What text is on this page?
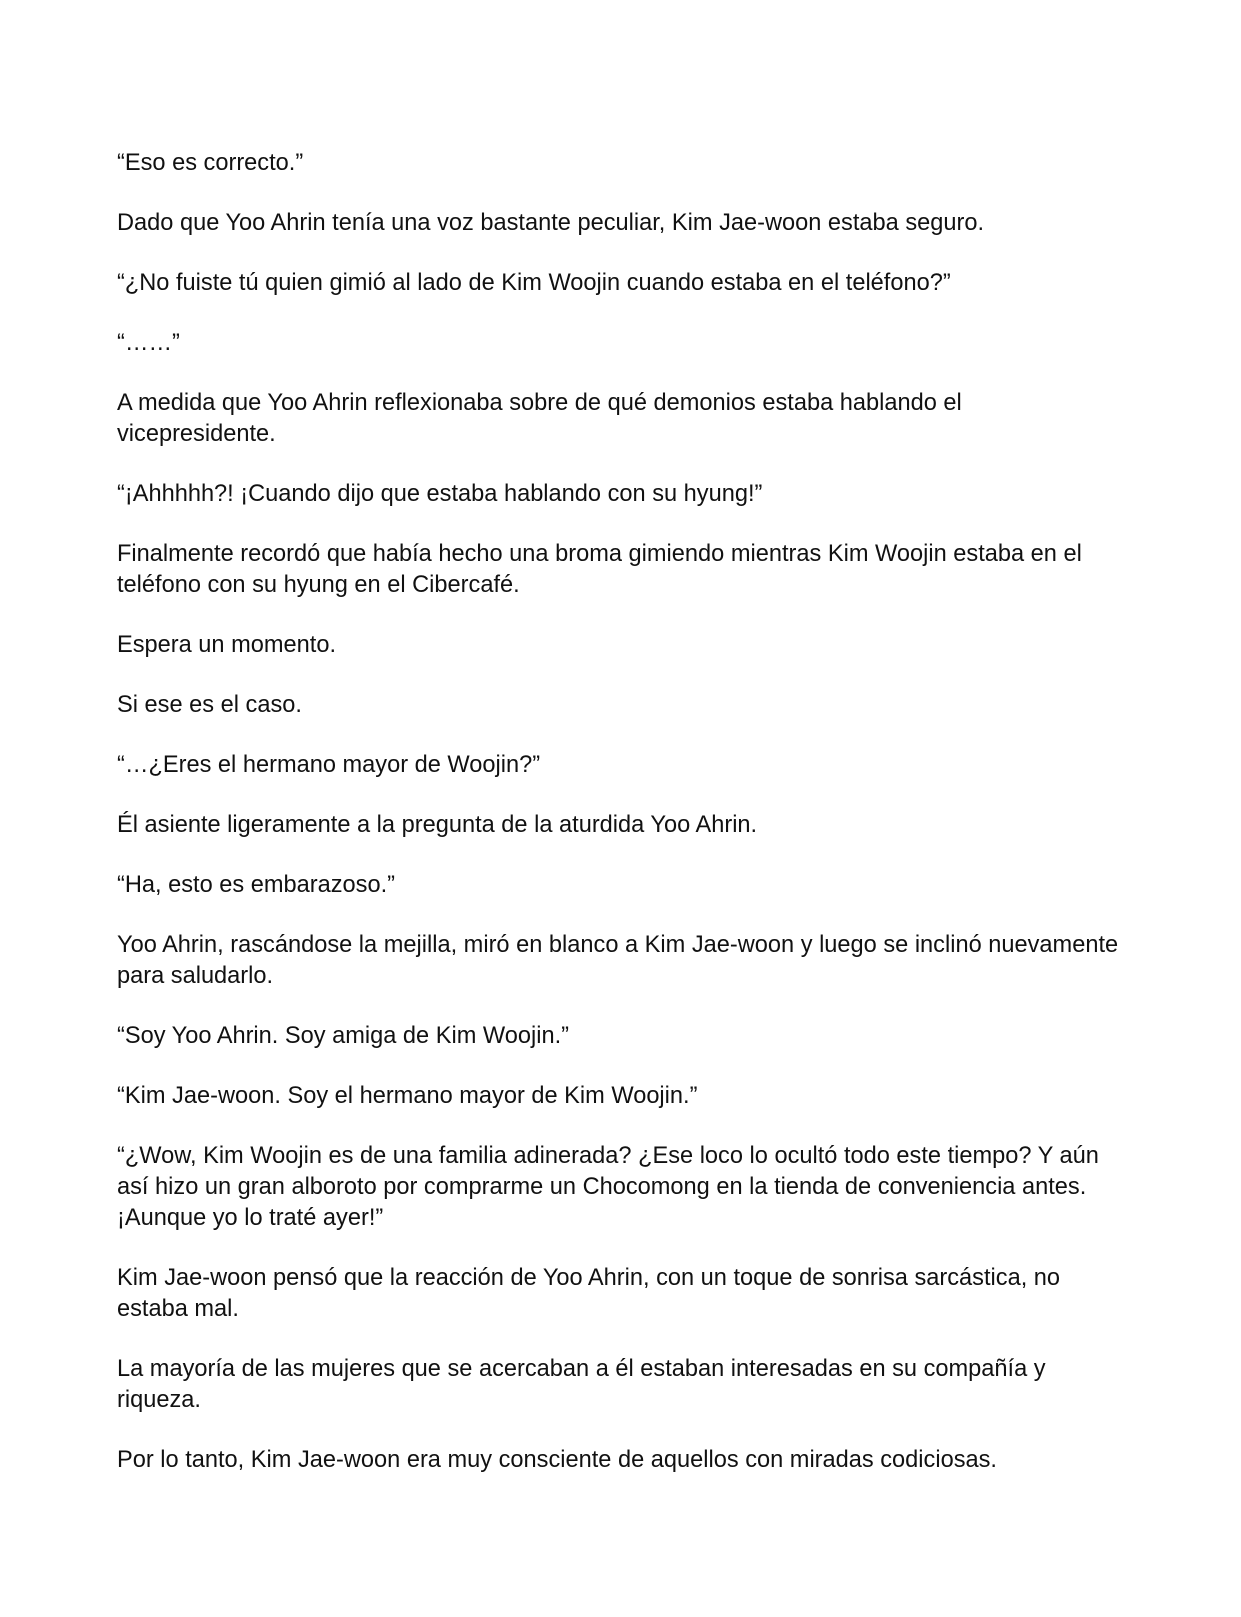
“Eso es correcto.”

Dado que Yoo Ahrin tenía una voz bastante peculiar, Kim Jae-woon estaba seguro.

“¿No fuiste tú quien gimió al lado de Kim Woojin cuando estaba en el teléfono?”

“……”

A medida que Yoo Ahrin reflexionaba sobre de qué demonios estaba hablando el vicepresidente.

“¡Ahhhhh?! ¡Cuando dijo que estaba hablando con su hyung!”

Finalmente recordó que había hecho una broma gimiendo mientras Kim Woojin estaba en el teléfono con su hyung en el Cibercafé.

Espera un momento.

Si ese es el caso.

“…¿Eres el hermano mayor de Woojin?”

Él asiente ligeramente a la pregunta de la aturdida Yoo Ahrin.

“Ha, esto es embarazoso.”

Yoo Ahrin, rascándose la mejilla, miró en blanco a Kim Jae-woon y luego se inclinó nuevamente para saludarlo.

“Soy Yoo Ahrin. Soy amiga de Kim Woojin.”

“Kim Jae-woon. Soy el hermano mayor de Kim Woojin.”

“¿Wow, Kim Woojin es de una familia adinerada? ¿Ese loco lo ocultó todo este tiempo? Y aún así hizo un gran alboroto por comprarme un Chocomong en la tienda de conveniencia antes. ¡Aunque yo lo traté ayer!”

Kim Jae-woon pensó que la reacción de Yoo Ahrin, con un toque de sonrisa sarcástica, no estaba mal.

La mayoría de las mujeres que se acercaban a él estaban interesadas en su compañía y riqueza.

Por lo tanto, Kim Jae-woon era muy consciente de aquellos con miradas codiciosas.
